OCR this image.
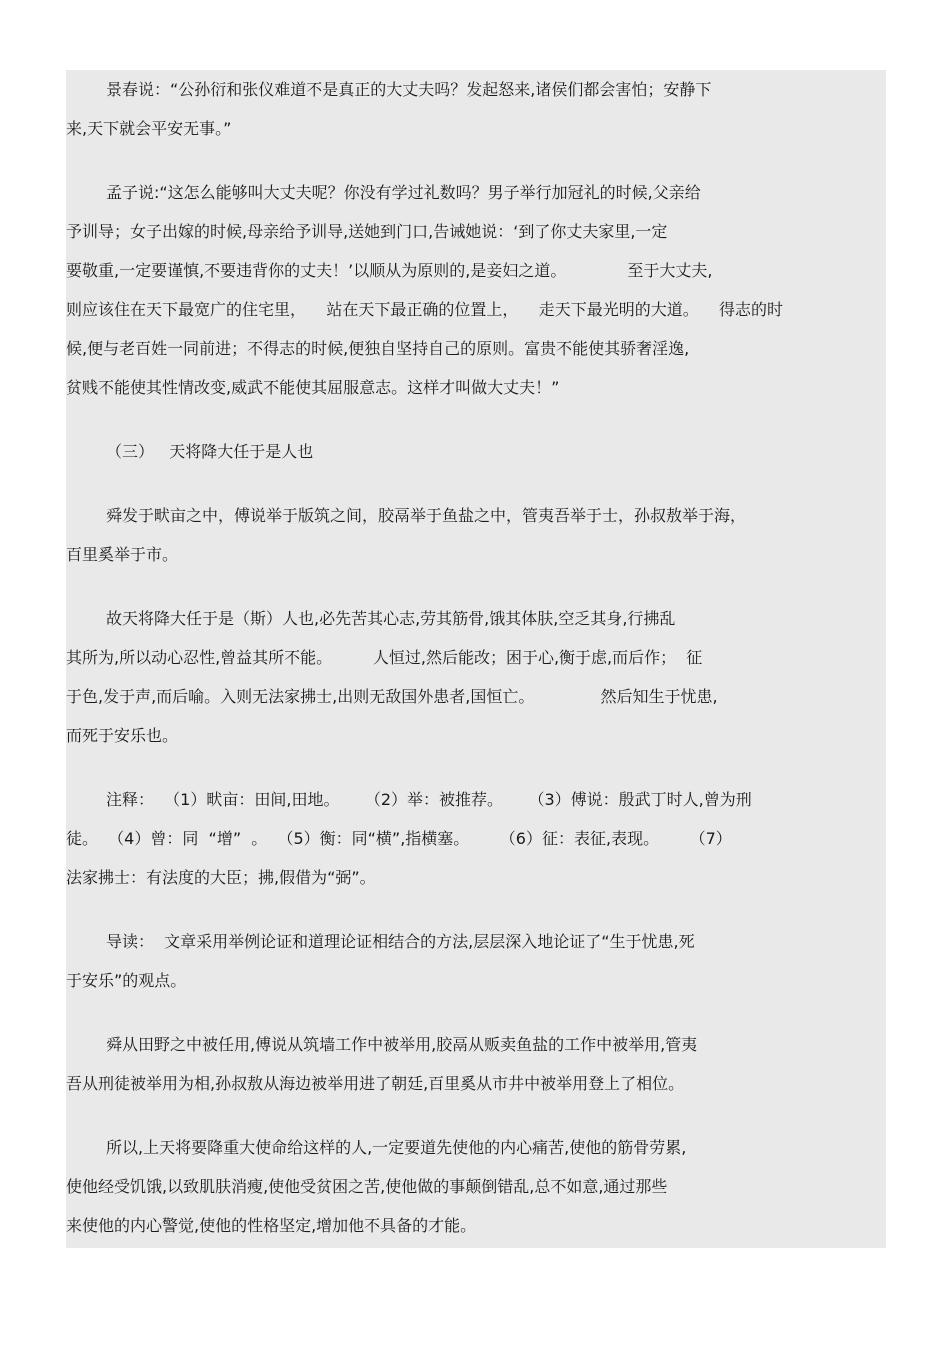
景春说：“公孙衍和张仪难道不是真正的大丈夫吗？发起怒来,诸侯们都会害怕；安静下
来,天下就会平安无事。”

孟子说:“这怎么能够叫大丈夫呢？你没有学过礼数吗？男子举行加冠礼的时候,父亲给
予训导；女子出嫁的时候,母亲给予训导,送她到门口,告诫她说：‘到了你丈夫家里,一定
要敬重,一定要谨慎,不要违背你的丈夫！’以顺从为原则的,是妾妇之道。            至于大丈夫,
则应该住在天下最宽广的住宅里，    站在天下最正确的位置上，    走天下最光明的大道。    得志的时
候,便与老百姓一同前进；不得志的时候,便独自坚持自己的原则。富贵不能使其骄奢淫逸,
贫贱不能使其性情改变,威武不能使其屈服意志。这样才叫做大丈夫！”

（三）   天将降大任于是人也

舜发于畎亩之中，傅说举于版筑之间，胶鬲举于鱼盐之中，管夷吾举于士，孙叔敖举于海，
百里奚举于市。

故天将降大任于是（斯）人也,必先苦其心志,劳其筋骨,饿其体肤,空乏其身,行拂乱
其所为,所以动心忍性,曾益其所不能。        人恒过,然后能改；困于心,衡于虑,而后作；  征
于色,发于声,而后喻。入则无法家拂士,出则无敌国外患者,国恒亡。             然后知生于忧患,
而死于安乐也。

注释：  （1）畎亩：田间,田地。     （2）举：被推荐。     （3）傅说：殷武丁时人,曾为刑
徒。  （4）曾：同  “增”  。  （5）衡：同“横”,指横塞。      （6）征：表征,表现。      （7）
法家拂士：有法度的大臣；拂,假借为“弼”。

导读：  文章采用举例论证和道理论证相结合的方法,层层深入地论证了“生于忧患,死
于安乐”的观点。

舜从田野之中被任用,傅说从筑墙工作中被举用,胶鬲从贩卖鱼盐的工作中被举用,管夷
吾从刑徒被举用为相,孙叔敖从海边被举用进了朝廷,百里奚从市井中被举用登上了相位。

所以,上天将要降重大使命给这样的人,一定要道先使他的内心痛苦,使他的筋骨劳累,
使他经受饥饿,以致肌肤消瘦,使他受贫困之苦,使他做的事颠倒错乱,总不如意,通过那些
来使他的内心警觉,使他的性格坚定,增加他不具备的才能。
